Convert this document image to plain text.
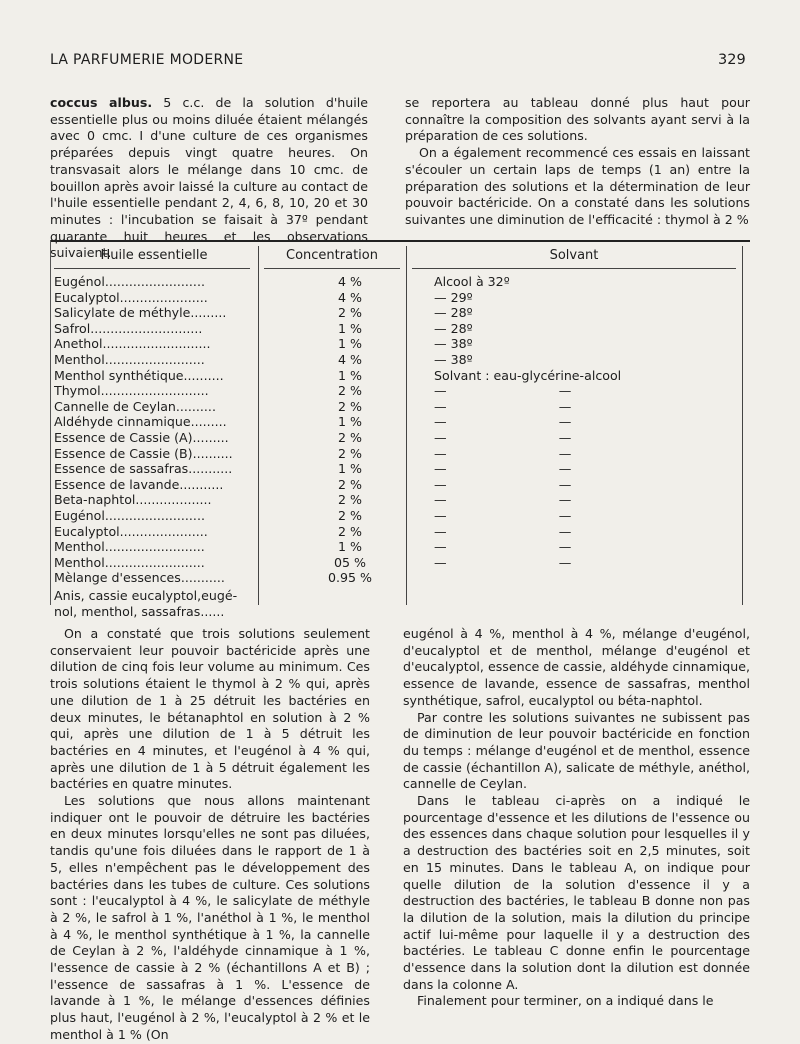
LA PARFUMERIE MODERNE	329

coccus albus. 5 c.c. de la solution d'huile essentielle plus ou moins diluée étaient mélangés avec 0 cmc. I d'une culture de ces organismes préparées depuis vingt quatre heures. On transvasait alors le mélange dans 10 cmc. de bouillon après avoir laissé la culture au contact de l'huile essentielle pendant 2, 4, 6, 8, 10, 20 et 30 minutes : l'incubation se faisait à 37º pendant quarante huit heures et les observations suivaient.

se reportera au tableau donné plus haut pour connaître la composition des solvants ayant servi à la préparation de ces solutions.

On a également recommencé ces essais en laissant s'écouler un certain laps de temps (1 an) entre la préparation des solutions et la détermination de leur pouvoir bactéricide. On a constaté dans les solutions suivantes une diminution de l'efficacité : thymol à 2 %

Huile essentielle	Concentration	Solvant
Eugénol.........................	4 %	Alcool à 32º
Eucalyptol......................	4 %	— 29º
Salicylate de méthyle.........	2 %	— 28º
Safrol............................	1 %	— 28º
Anethol...........................	1 %	— 38º
Menthol.........................	4 %	— 38º
Menthol synthétique..........	1 %	Solvant : eau-glycérine-alcool
Thymol...........................	2 %	—	—
Cannelle de Ceylan..........	2 %	—	—
Aldéhyde cinnamique.........	1 %	—	—
Essence de Cassie (A).........	2 %	—	—
Essence de Cassie (B)..........	2 %	—	—
Essence de sassafras...........	1 %	—	—
Essence de lavande...........	2 %	—	—
Beta-naphtol...................	2 %	—	—
Eugénol.........................	2 %	—	—
Eucalyptol......................	2 %	—	—
Menthol.........................	1 %	—	—
Menthol.........................	05 %	—	—
Mèlange d'essences...........	0.95 %
Anis, cassie eucalyptol,eugé-
nol, menthol, sassafras......

On a constaté que trois solutions seulement conservaient leur pouvoir bactéricide après une dilution de cinq fois leur volume au minimum. Ces trois solutions étaient le thymol à 2 % qui, après une dilution de 1 à 25 détruit les bactéries en deux minutes, le bétanaphtol en solution à 2 % qui, après une dilution de 1 à 5 détruit les bactéries en 4 minutes, et l'eugénol à 4 % qui, après une dilution de 1 à 5 détruit également les bactéries en quatre minutes.

Les solutions que nous allons maintenant indiquer ont le pouvoir de détruire les bactéries en deux minutes lorsqu'elles ne sont pas diluées, tandis qu'une fois diluées dans le rapport de 1 à 5, elles n'empêchent pas le développement des bactéries dans les tubes de culture. Ces solutions sont : l'eucalyptol à 4 %, le salicylate de méthyle à 2 %, le safrol à 1 %, l'anéthol à 1 %, le menthol à 4 %, le menthol synthétique à 1 %, la cannelle de Ceylan à 2 %, l'aldéhyde cinnamique à 1 %, l'essence de cassie à 2 % (échantillons A et B) ; l'essence de sassafras à 1 %. L'essence de lavande à 1 %, le mélange d'essences définies plus haut, l'eugénol à 2 %, l'eucalyptol à 2 % et le menthol à 1 % (On

eugénol à 4 %, menthol à 4 %, mélange d'eugénol, d'eucalyptol et de menthol, mélange d'eugénol et d'eucalyptol, essence de cassie, aldéhyde cinnamique, essence de lavande, essence de sassafras, menthol synthétique, safrol, eucalyptol ou béta-naphtol.

Par contre les solutions suivantes ne subissent pas de diminution de leur pouvoir bactéricide en fonction du temps : mélange d'eugénol et de menthol, essence de cassie (échantillon A), salicate de méthyle, anéthol, cannelle de Ceylan.

Dans le tableau ci-après on a indiqué le pourcentage d'essence et les dilutions de l'essence ou des essences dans chaque solution pour lesquelles il y a destruction des bactéries soit en 2,5 minutes, soit en 15 minutes. Dans le tableau A, on indique pour quelle dilution de la solution d'essence il y a destruction des bactéries, le tableau B donne non pas la dilution de la solution, mais la dilution du principe actif lui-même pour laquelle il y a destruction des bactéries. Le tableau C donne enfin le pourcentage d'essence dans la solution dont la dilution est donnée dans la colonne A.

Finalement pour terminer, on a indiqué dans le
